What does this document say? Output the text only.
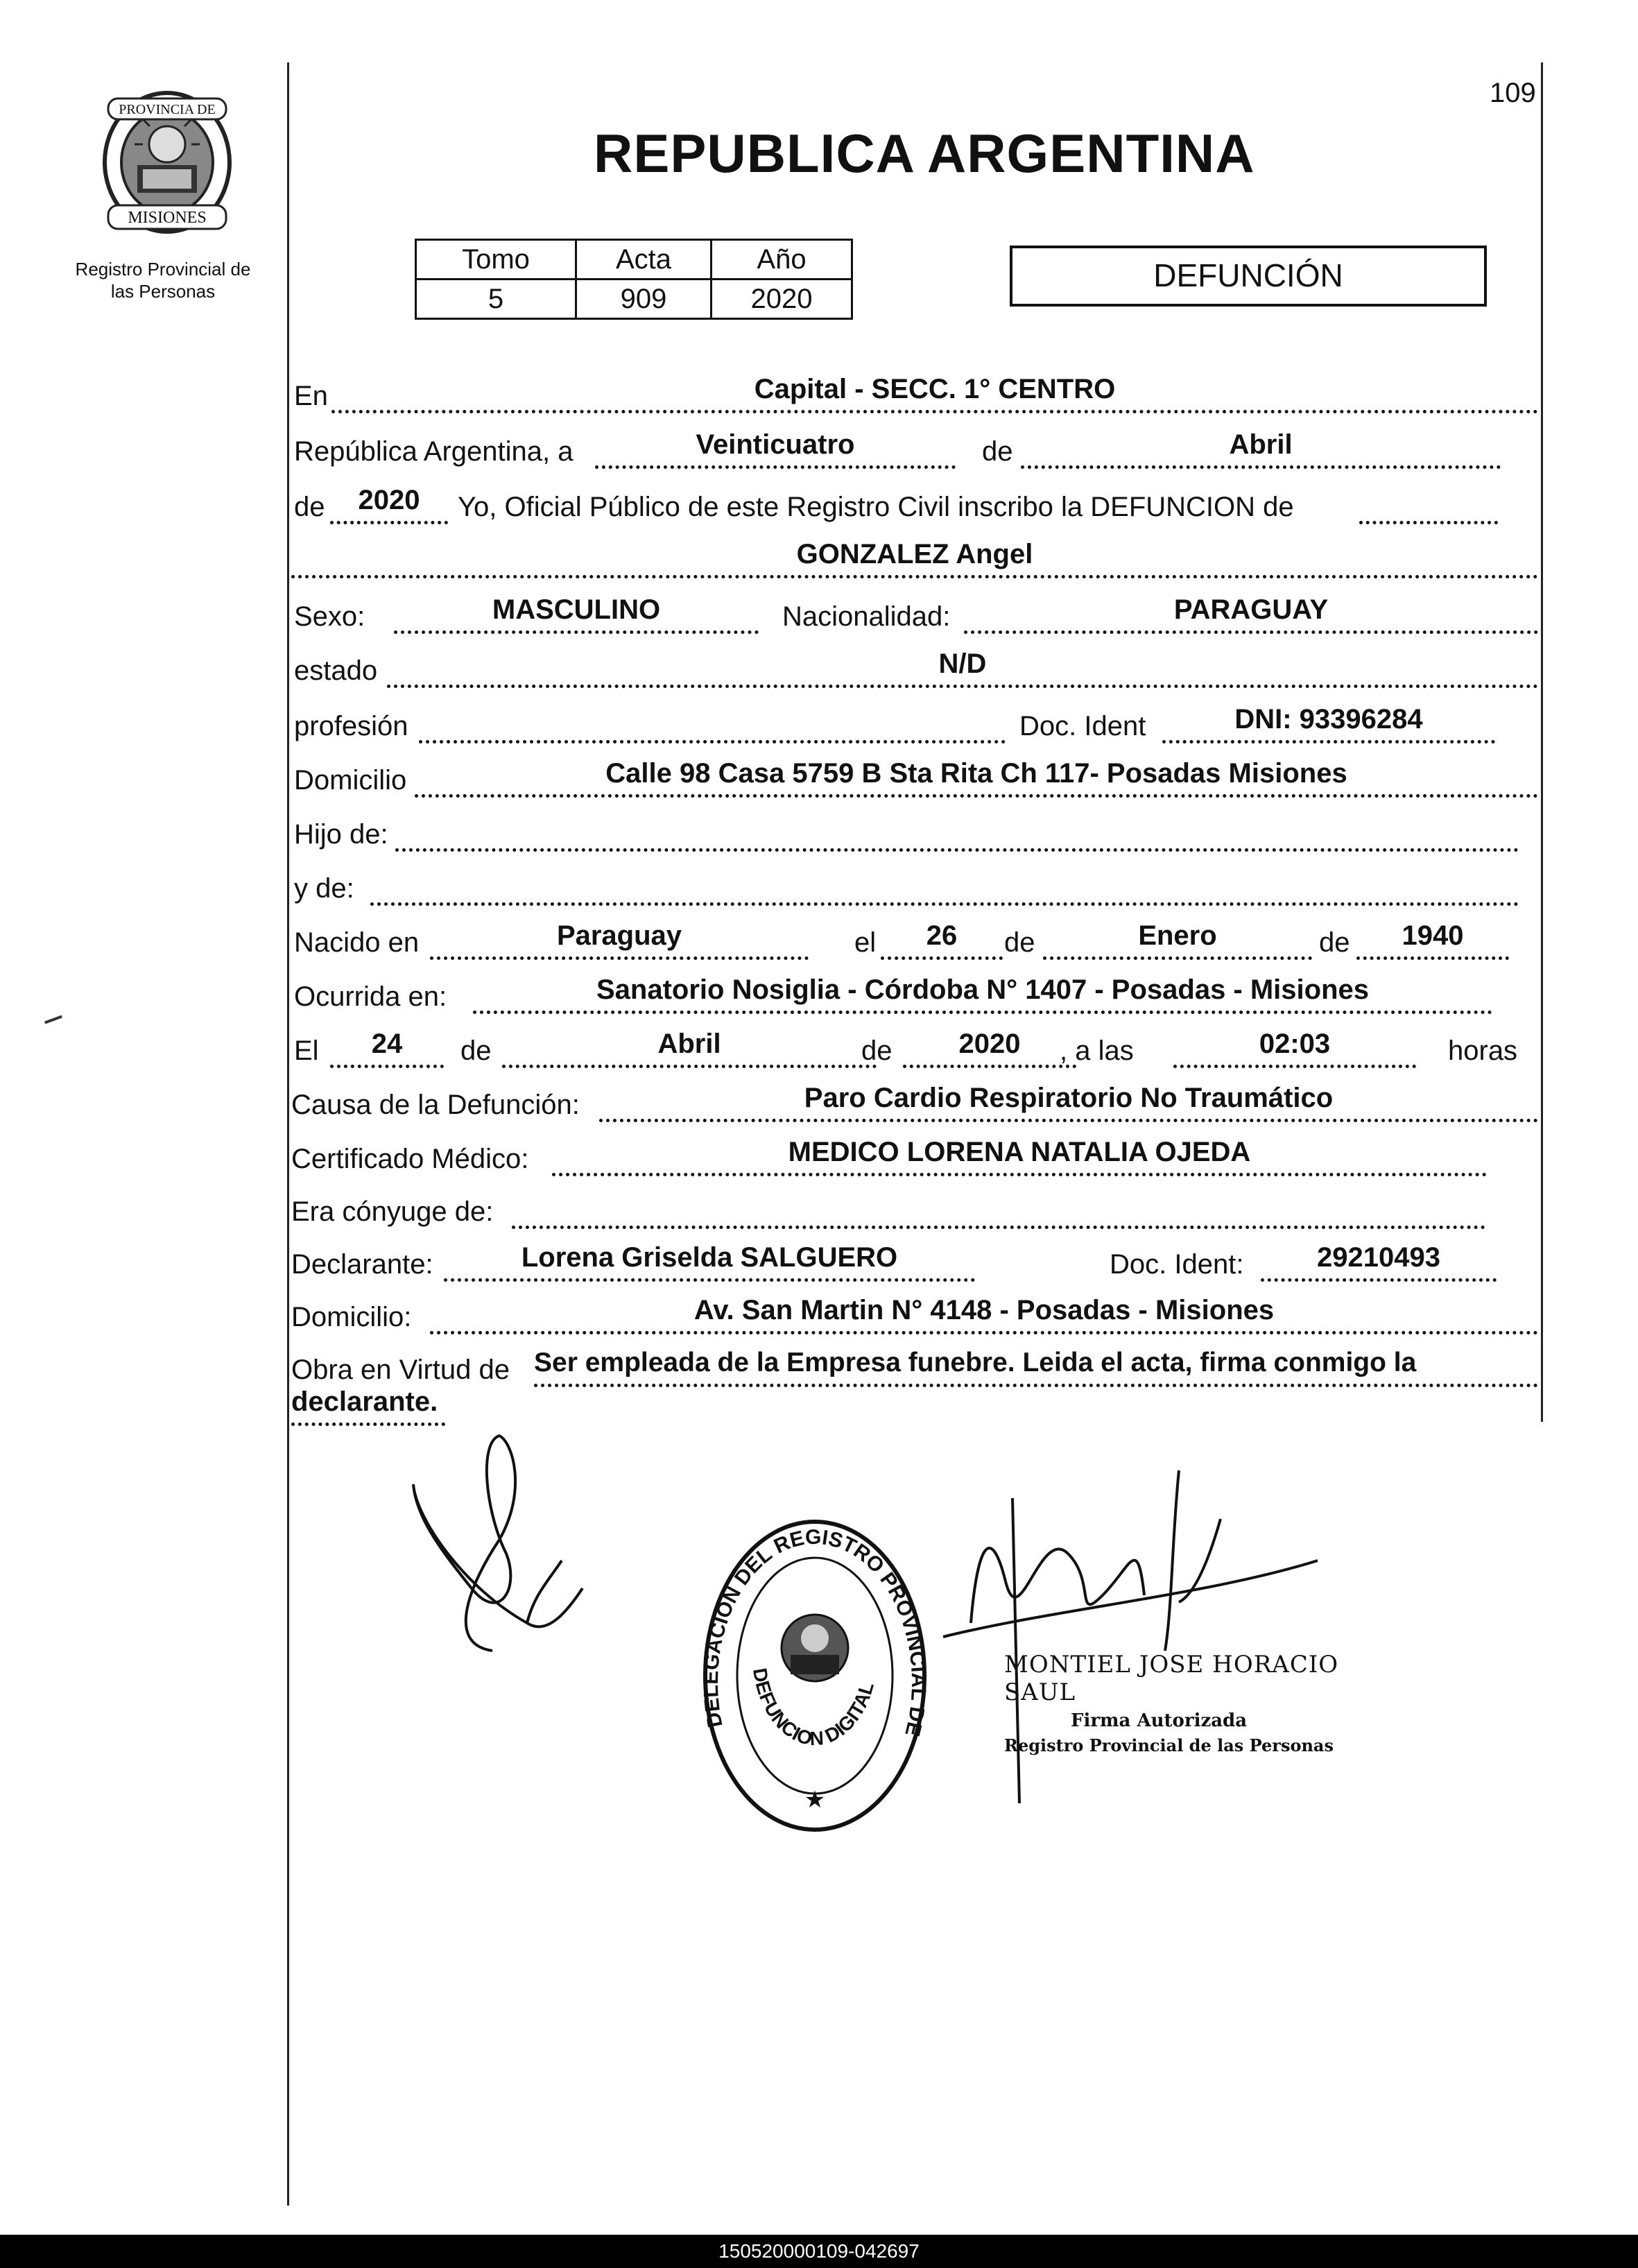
109
PROVINCIA DE
MISIONES
Registro Provincial de
las Personas
REPUBLICA ARGENTINA
Tomo	Acta	Año
5	909	2020
DEFUNCIÓN
En	Capital - SECC. 1° CENTRO
República Argentina, a	Veinticuatro	de	Abril
de	2020	Yo, Oficial Público de este Registro Civil inscribo la DEFUNCION de
GONZALEZ Angel
Sexo:	MASCULINO	Nacionalidad:	PARAGUAY
estado	N/D
profesión	Doc. Ident	DNI: 93396284
Domicilio	Calle 98 Casa 5759 B Sta Rita Ch 117- Posadas Misiones
Hijo de:
y de:
Nacido en	Paraguay	el	26	de	Enero	de	1940
Ocurrida en:	Sanatorio Nosiglia - Córdoba N° 1407 - Posadas - Misiones
El	24	de	Abril	de	2020	, a las	02:03	horas
Causa de la Defunción:	Paro Cardio Respiratorio No Traumático
Certificado Médico:	MEDICO LORENA NATALIA OJEDA
Era cónyuge de:
Declarante:	Lorena Griselda SALGUERO	Doc. Ident:	29210493
Domicilio:	Av. San Martin N° 4148 - Posadas - Misiones
Obra en Virtud de Ser empleada de la Empresa funebre. Leida el acta, firma conmigo la
declarante.
DELEGACION DEL REGISTRO PROVINCIAL DE
DEFUNCION DIGITAL
★
MONTIEL JOSE HORACIO SAUL
Firma Autorizada
Registro Provincial de las Personas
150520000109-042697
